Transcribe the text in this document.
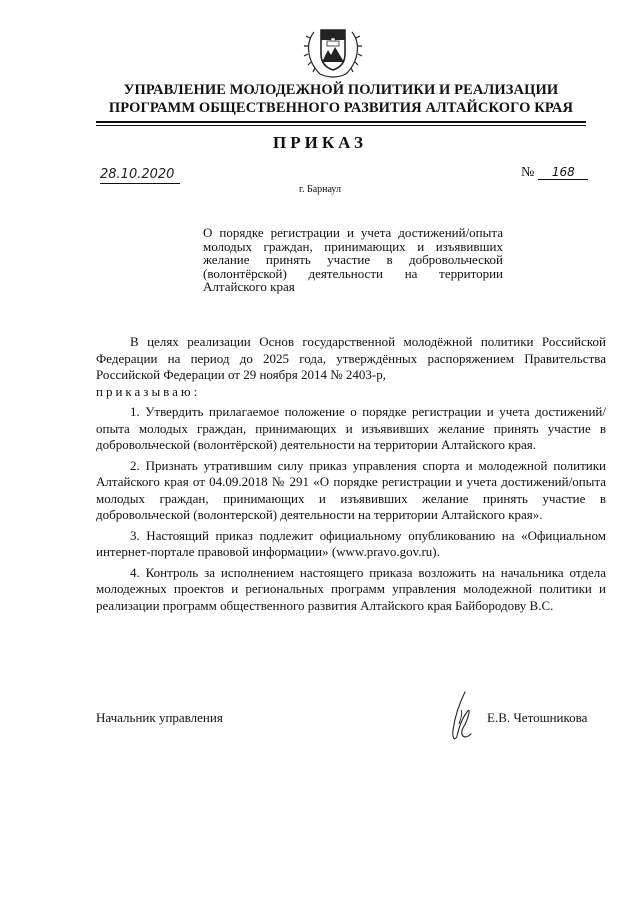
УПРАВЛЕНИЕ МОЛОДЕЖНОЙ ПОЛИТИКИ И РЕАЛИЗАЦИИ
ПРОГРАММ ОБЩЕСТВЕННОГО РАЗВИТИЯ АЛТАЙСКОГО КРАЯ
ПРИКАЗ
28.10.2020	№ 168
г. Барнаул
О порядке регистрации и учета достижений/опыта молодых граждан, принимающих и изъявивших желание принять участие в добровольческой (волонтёрской) деятельности на территории Алтайского края

В целях реализации Основ государственной молодёжной политики Российской Федерации на период до 2025 года, утверждённых распоряжением Правительства Российской Федерации от 29 ноября 2014 № 2403-р,

приказываю:

1. Утвердить прилагаемое положение о порядке регистрации и учета достижений/опыта молодых граждан, принимающих и изъявивших желание принять участие в добровольческой (волонтёрской) деятельности на территории Алтайского края.

2. Признать утратившим силу приказ управления спорта и молодежной политики Алтайского края от 04.09.2018 № 291 «О порядке регистрации и учета достижений/опыта молодых граждан, принимающих и изъявивших желание принять участие в добровольческой (волонтерской) деятельности на территории Алтайского края».

3. Настоящий приказ подлежит официальному опубликованию на «Официальном интернет-портале правовой информации» (www.pravo.gov.ru).

4. Контроль за исполнением настоящего приказа возложить на начальника отдела молодежных проектов и региональных программ управления молодежной политики и реализации программ общественного развития Алтайского края Байбородову В.С.

Начальник управления	Е.В. Четошникова
